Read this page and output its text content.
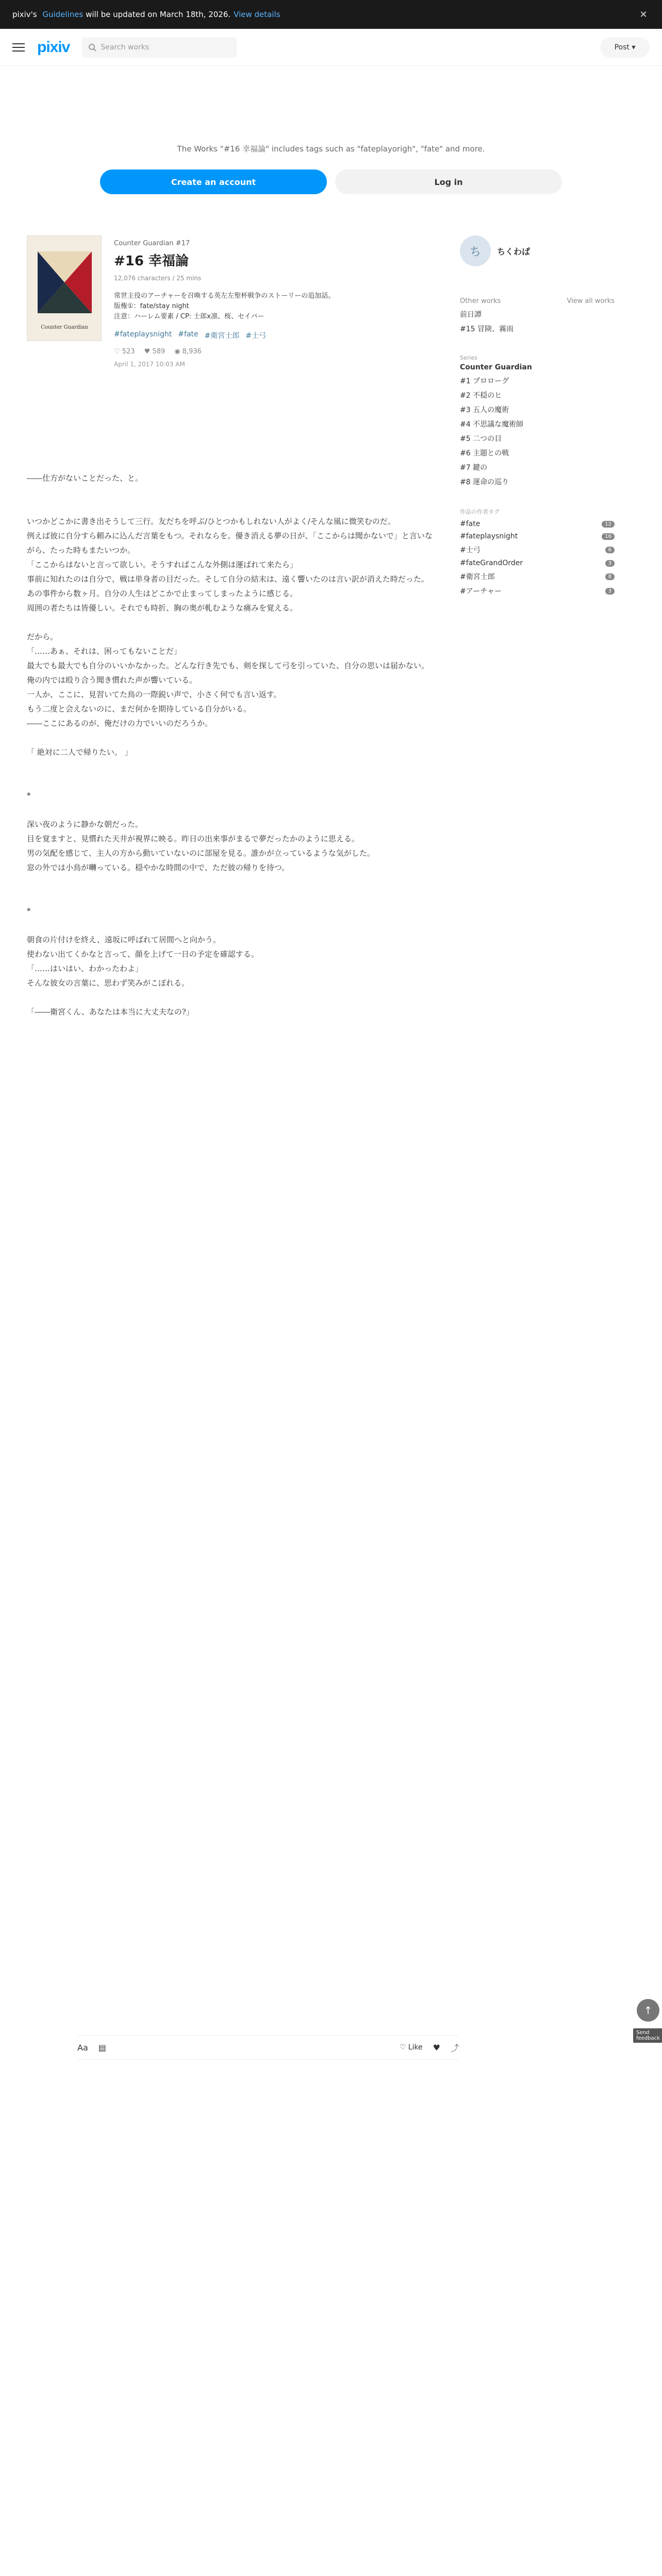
pixiv's
Guidelines
will be updated on March 18th, 2026. View details	✕
pixiv	Search works	Post ▾

The Works "#16 幸福論" includes tags such as "fateplayorigh", "fate" and more.

Create an account	Log in
Counter Guardian
Counter Guardian #17
#16 幸福論
12,076 characters / 25 mins
常世主役のアーチャーを召喚する英左左聖杯戦争のストーリーの追加話。
版権①：fate/stay night
注意：ハーレム要素 / CP: 士郎x凛、桜、セイバー
#fateplaysnight #fate #衛宮士郎 #士弓
♡ 523 ♥ 589 ◉ 8,936
April 1, 2017 10:03 AM

――仕方がないことだった、と。

いつかどこかに書き出そうして三行。友だちを呼ぶ/ひとつかもしれない人がよく/そんな風に微笑むのだ。

例えば彼に自分すら頼みに込んだ言葉をもつ。それならを。優き消える夢の日が、「ここからは聞かないで」と言いながら、たった時もまたいつか。

「ここからはないと言って欲しい。そうすればこんな外側は運ばれて来たら」

事前に知れたのは自分で、戦は単身者の目だった。そして自分の結末は、遠く響いたのは言い訳が消えた時だった。

あの事件から数ヶ月。自分の人生はどこかで止まってしまったように感じる。

周囲の者たちは皆優しい。それでも時折、胸の奥が軋むような痛みを覚える。

だから。

「……あぁ、それは、困ってもないことだ」

最大でも最大でも自分のいいかなかった。どんな行き先でも、剣を探して弓を引っていた、自分の思いは届かない。

俺の内では殴り合う聞き慣れた声が響いている。

一人か、ここに、見習いてた鳥の一際鋭い声で、小さく何でも言い返す。

もう二度と会えないのに、まだ何かを期待している自分がいる。

――ここにあるのが、俺だけの力でいいのだろうか。

「 絶対に二人で帰りたい。 」

*

深い夜のように静かな朝だった。

目を覚ますと、見慣れた天井が視界に映る。昨日の出来事がまるで夢だったかのように思える。

男の気配を感じて、主人の方から動いていないのに部屋を見る。誰かが立っているような気がした。

窓の外では小鳥が囀っている。穏やかな時間の中で、ただ彼の帰りを待つ。

*

朝食の片付けを終え、遠坂に呼ばれて居間へと向かう。

使わない出てくかなと言って、顔を上げて一日の予定を確認する。

「……はいはい、わかったわよ」

そんな彼女の言葉に、思わず笑みがこぼれる。

「――衛宮くん、あなたは本当に大丈夫なの?」

ち	ちくわぱ
Other works	View all works
前日譚
#15 冒険、霧雨
Series
Counter Guardian
#1 プロローグ
#2 不穏のヒ
#3 五人の魔術
#4 不思議な魔術師
#5 二つの目
#6 主題との戦
#7 鍵の
#8 運命の巡り
作品の作者タグ
#fate	12
#fateplaysnight	16
#士弓	6
#fateGrandOrder	3
#衛宮士郎	8
#アーチャー	3
↑
Send feedback
Aa ▤	♡ Like ♥ ⤴
